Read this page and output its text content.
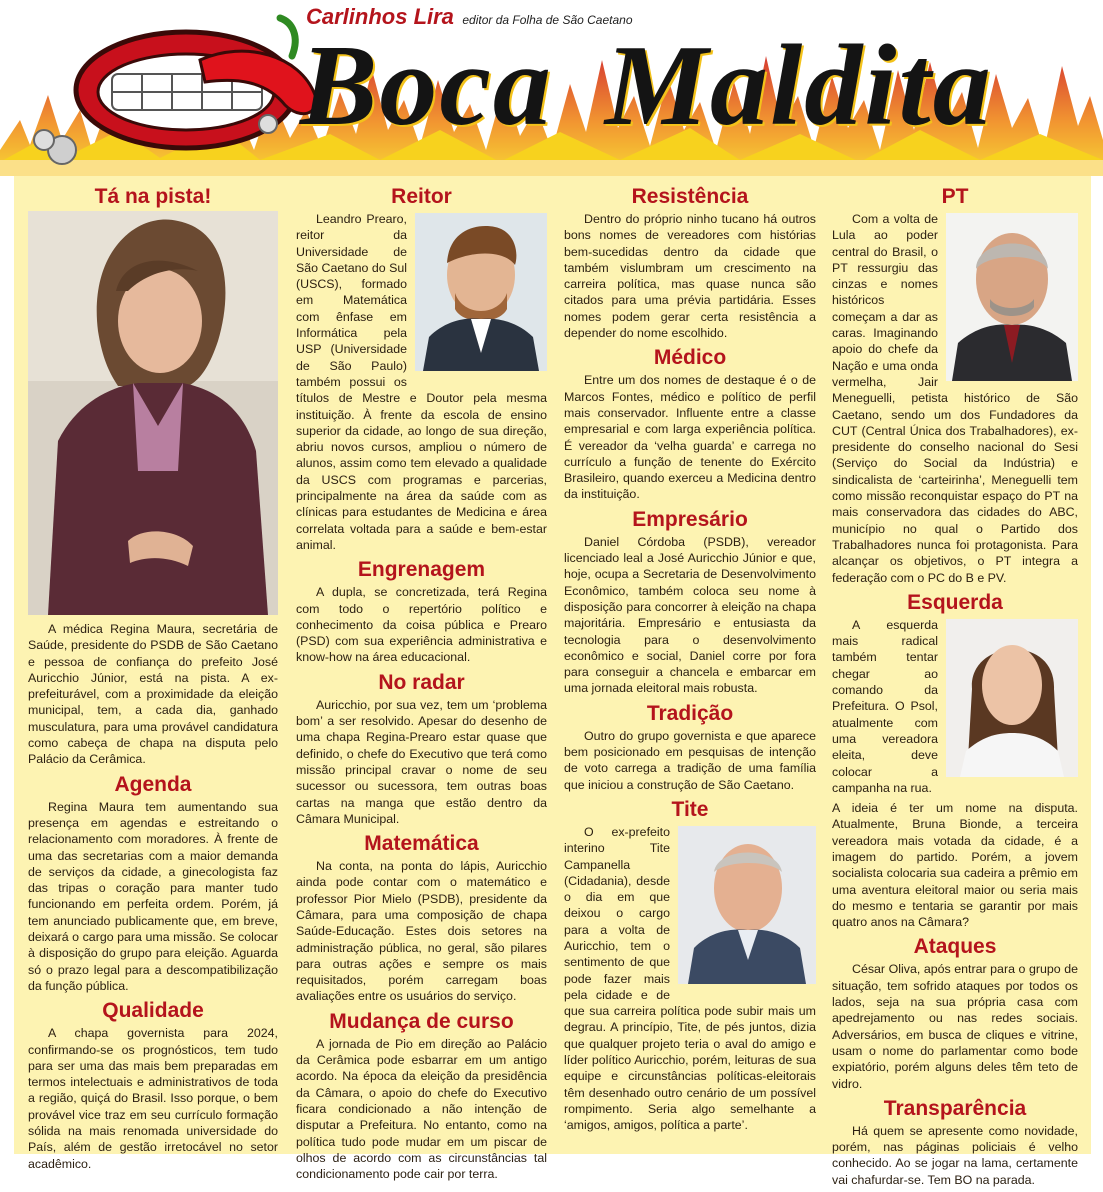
Carlinhos Lira editor da Folha de São Caetano
Boca Maldita
Tá na pista!

A médica Regina Maura, secretária de Saúde, presidente do PSDB de São Caetano e pessoa de confiança do prefeito José Auricchio Júnior, está na pista. A ex-prefeiturável, com a proximidade da eleição municipal, tem, a cada dia, ganhado musculatura, para uma provável candidatura como cabeça de chapa na disputa pelo Palácio da Cerâmica.

Agenda

Regina Maura tem aumentando sua presença em agendas e estreitando o relacionamento com moradores. À frente de uma das secretarias com a maior demanda de serviços da cidade, a ginecologista faz das tripas o coração para manter tudo funcionando em perfeita ordem. Porém, já tem anunciado publicamente que, em breve, deixará o cargo para uma missão. Se colocar à disposição do grupo para eleição. Aguarda só o prazo legal para a descompatibilização da função pública.

Qualidade

A chapa governista para 2024, confirmando-se os prognósticos, tem tudo para ser uma das mais bem preparadas em termos intelectuais e administrativos de toda a região, quiçá do Brasil. Isso porque, o bem provável vice traz em seu currículo formação sólida na mais renomada universidade do País, além de gestão irretocável no setor acadêmico.

Reitor

Leandro Prearo, reitor da Universidade de São Caetano do Sul (USCS), formado em Matemática com ênfase em Informática pela USP (Universidade de São Paulo) também possui os títulos de Mestre e Doutor pela mesma instituição. À frente da escola de ensino superior da cidade, ao longo de sua direção, abriu novos cursos, ampliou o número de alunos, assim como tem elevado a qualidade da USCS com programas e parcerias, principalmente na área da saúde com as clínicas para estudantes de Medicina e área correlata voltada para a saúde e bem-estar animal.

Engrenagem

A dupla, se concretizada, terá Regina com todo o repertório político e conhecimento da coisa pública e Prearo (PSD) com sua experiência administrativa e know-how na área educacional.

No radar

Auricchio, por sua vez, tem um ‘problema bom’ a ser resolvido. Apesar do desenho de uma chapa Regina-Prearo estar quase que definido, o chefe do Executivo que terá como missão principal cravar o nome de seu sucessor ou sucessora, tem outras boas cartas na manga que estão dentro da Câmara Municipal.

Matemática

Na conta, na ponta do lápis, Auricchio ainda pode contar com o matemático e professor Pior Mielo (PSDB), presidente da Câmara, para uma composição de chapa Saúde-Educação. Estes dois setores na administração pública, no geral, são pilares para outras ações e sempre os mais requisitados, porém carregam boas avaliações entre os usuários do serviço.

Mudança de curso

A jornada de Pio em direção ao Palácio da Cerâmica pode esbarrar em um antigo acordo. Na época da eleição da presidência da Câmara, o apoio do chefe do Executivo ficara condicionado a não intenção de disputar a Prefeitura. No entanto, como na política tudo pode mudar em um piscar de olhos de acordo com as circunstâncias tal condicionamento pode cair por terra.

Resistência

Dentro do próprio ninho tucano há outros bons nomes de vereadores com histórias bem-sucedidas dentro da cidade que também vislumbram um crescimento na carreira política, mas quase nunca são citados para uma prévia partidária. Esses nomes podem gerar certa resistência a depender do nome escolhido.

Médico

Entre um dos nomes de destaque é o de Marcos Fontes, médico e político de perfil mais conservador. Influente entre a classe empresarial e com larga experiência política. É vereador da ‘velha guarda’ e carrega no currículo a função de tenente do Exército Brasileiro, quando exerceu a Medicina dentro da instituição.

Empresário

Daniel Córdoba (PSDB), vereador licenciado leal a José Auricchio Júnior e que, hoje, ocupa a Secretaria de Desenvolvimento Econômico, também coloca seu nome à disposição para concorrer à eleição na chapa majoritária. Empresário e entusiasta da tecnologia para o desenvolvimento econômico e social, Daniel corre por fora para conseguir a chancela e embarcar em uma jornada eleitoral mais robusta.

Tradição

Outro do grupo governista e que aparece bem posicionado em pesquisas de intenção de voto carrega a tradição de uma família que iniciou a construção de São Caetano.

Tite

O ex-prefeito interino Tite Campanella (Cidadania), desde o dia em que deixou o cargo para a volta de Auricchio, tem o sentimento de que pode fazer mais pela cidade e de que sua carreira política pode subir mais um degrau. A princípio, Tite, de pés juntos, dizia que qualquer projeto teria o aval do amigo e líder político Auricchio, porém, leituras de sua equipe e circunstâncias políticas-eleitorais têm desenhado outro cenário de um possível rompimento. Seria algo semelhante a ‘amigos, amigos, política a parte’.

PT

Com a volta de Lula ao poder central do Brasil, o PT ressurgiu das cinzas e nomes históricos começam a dar as caras. Imaginando apoio do chefe da Nação e uma onda vermelha, Jair Meneguelli, petista histórico de São Caetano, sendo um dos Fundadores da CUT (Central Única dos Trabalhadores), ex-presidente do conselho nacional do Sesi (Serviço do Social da Indústria) e sindicalista de ‘carteirinha’, Meneguelli tem como missão reconquistar espaço do PT na mais conservadora das cidades do ABC, município no qual o Partido dos Trabalhadores nunca foi protagonista. Para alcançar os objetivos, o PT integra a federação com o PC do B e PV.

Esquerda

A esquerda mais radical também tentar chegar ao comando da Prefeitura. O Psol, atualmente com uma vereadora eleita, deve colocar a campanha na rua.

A ideia é ter um nome na disputa. Atualmente, Bruna Bionde, a terceira vereadora mais votada da cidade, é a imagem do partido. Porém, a jovem socialista colocaria sua cadeira a prêmio em uma aventura eleitoral maior ou seria mais do mesmo e tentaria se garantir por mais quatro anos na Câmara?

Ataques

César Oliva, após entrar para o grupo de situação, tem sofrido ataques por todos os lados, seja na sua própria casa com apedrejamento ou nas redes sociais. Adversários, em busca de cliques e vitrine, usam o nome do parlamentar como bode expiatório, porém alguns deles têm teto de vidro.

Transparência

Há quem se apresente como novidade, porém, nas páginas policiais é velho conhecido. Ao se jogar na lama, certamente vai chafurdar-se. Tem BO na parada.
